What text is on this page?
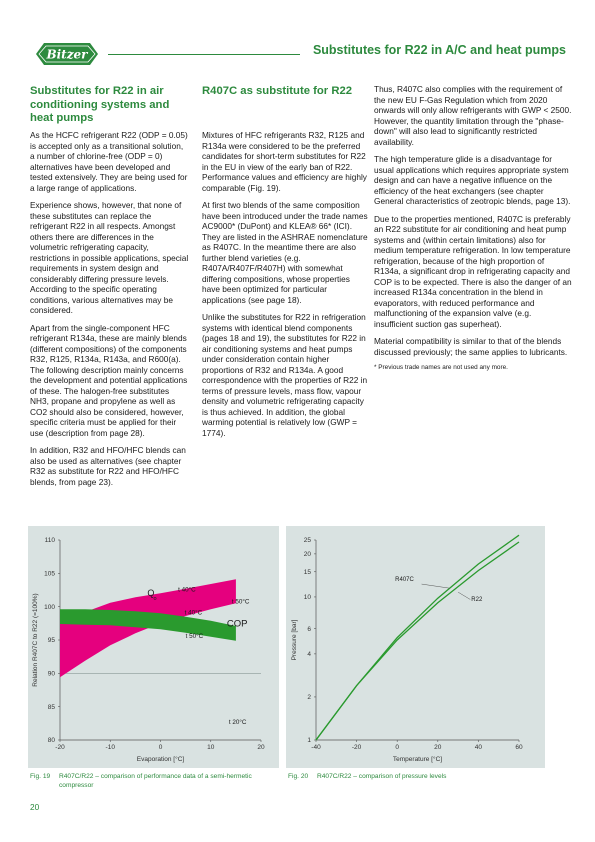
Bitzer	Substitutes for R22 in A/C and heat pumps
Substitutes for R22 in air conditioning systems and heat pumps
R407C as substitute for R22

As the HCFC refrigerant R22 (ODP = 0.05) is accepted only as a transitional solution, a number of chlorine-free (ODP = 0) alternatives have been developed and tested extensively. They are being used for a large range of applications.

Experience shows, however, that none of these substitutes can replace the refrigerant R22 in all respects. Amongst others there are differences in the volumetric refrigerating capacity, restrictions in possible applications, special requirements in system design and considerably differing pressure levels. According to the specific operating conditions, various alternatives may be considered.

Apart from the single-component HFC refrigerant R134a, these are mainly blends (different compositions) of the components R32, R125, R134a, R143a, and R600(a). The following description mainly concerns the development and potential applications of these. The halogen-free substitutes NH3, propane and propylene as well as CO2 should also be considered, however, specific criteria must be applied for their use (description from page 28).

In addition, R32 and HFO/HFC blends can also be used as alternatives (see chapter R32 as substitute for R22 and HFO/HFC blends, from page 23).

Mixtures of HFC refrigerants R32, R125 and R134a were considered to be the preferred candidates for short-term substitutes for R22 in the EU in view of the early ban of R22. Performance values and efficiency are highly comparable (Fig. 19).

At first two blends of the same composition have been introduced under the trade names AC9000* (DuPont) and KLEA® 66* (ICI). They are listed in the ASHRAE nomenclature as R407C. In the meantime there are also further blend varieties (e.g. R407A/R407F/R407H) with somewhat differing compositions, whose properties have been optimized for particular applications (see page 18).

Unlike the substitutes for R22 in refrigeration systems with identical blend components (pages 18 and 19), the substitutes for R22 in air conditioning systems and heat pumps under consideration contain higher proportions of R32 and R134a. A good correspondence with the properties of R22 in terms of pressure levels, mass flow, vapour density and volumetric refrigerating capacity is thus achieved. In addition, the global warming potential is relatively low (GWP = 1774).

Thus, R407C also complies with the requirement of the new EU F-Gas Regulation which from 2020 onwards will only allow refrigerants with GWP < 2500. However, the quantity limitation through the "phase-down" will also lead to significantly restricted availability.

The high temperature glide is a disadvantage for usual applications which requires appropriate system design and can have a negative influence on the efficiency of the heat exchangers (see chapter General characteristics of zeotropic blends, page 13).

Due to the properties mentioned, R407C is preferably an R22 substitute for air conditioning and heat pump systems and (within certain limitations) also for medium temperature refrigeration. In low temperature refrigeration, because of the high proportion of R134a, a significant drop in refrigerating capacity and COP is to be expected. There is also the danger of an increased R134a concentration in the blend in evaporators, with reduced performance and malfunctioning of the expansion valve (e.g. insufficient suction gas superheat).

Material compatibility is similar to that of the blends discussed previously; the same applies to lubricants.

* Previous trade names are not used any more.

80
85
90
95
100
105
110
-20	-10	0	10	20
Q
o
t 40°C
t 50°C
t 40°C
t 50°C
COP
t 20°C
Evaporation [°C]
Relation R407C to R22 (=100%)
1
2
4
6
10
15
20
25
-40	-20	0	20	40	60
R407C
R22
Temperature [°C]
Pressure [bar]
Fig. 19 R407C/R22 – comparison of performance data of a semi-hermetic compressor
Fig. 20 R407C/R22 – comparison of pressure levels
20
